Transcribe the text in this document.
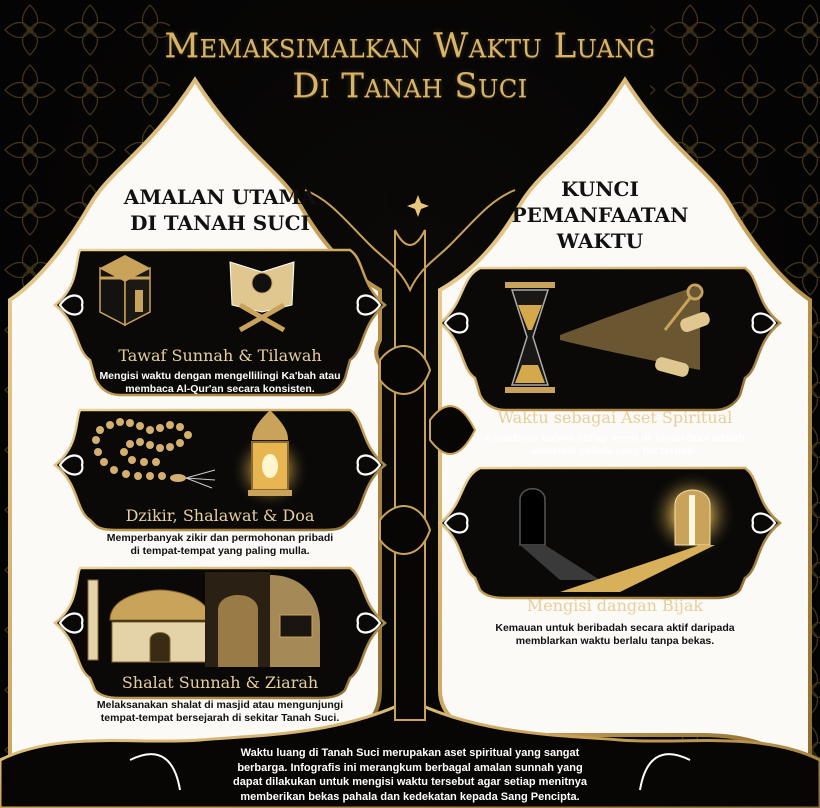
Memaksimalkan Waktu Luang
Di Tanah Suci
AMALAN UTAMA
DI TANAH SUCI
KUNCI
PEMANFAATAN
WAKTU
Tawaf Sunnah & Tilawah
Mengisi waktu dengan mengellilingi Ka'bah atau
membaca Al-Qur'an secara konsisten.
Dzikir, Shalawat & Doa
Memperbanyak zikir dan permohonan pribadi
di tempat-tempat yang paling mulla.
Shalat Sunnah & Ziarah
Melaksanakan shalat di masjid atau mengunjungi
tempat-tempat bersejarah di sekitar Tanah Suci.
Waktu sebagai Aset Spiritual
Kesadaran bahwa setiap menit di Tanah Suci adalah
investasi pahala yang tak ternitai.
Mengisi dangan Bijak
Kemauan untuk beribadah secara aktif daripada
memblarkan waktu berlalu tanpa bekas.
Waktu luang di Tanah Suci merupakan aset spiritual yang sangat
berbarga. Infografis ini merangkum berbagal amalan sunnah yang
dapat dilakukan untuk mengisi waktu tersebut agar setiap menitnya
memberikan bekas pahala dan kedekatan kepada Sang Pencipta.
